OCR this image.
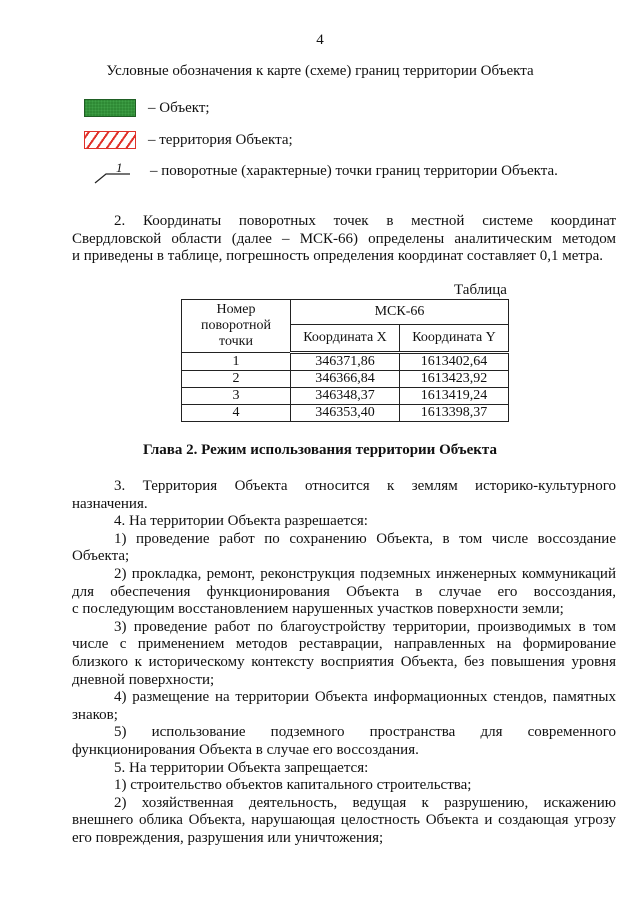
4
Условные обозначения к карте (схеме) границ территории Объекта
– Объект;
– территория Объекта;
1 – поворотные (характерные) точки границ территории Объекта.
2. Координаты поворотных точек в местной системе координат
Свердловской области (далее – МСК-66) определены аналитическим методом
и приведены в таблице, погрешность определения координат составляет 0,1 метра.
Таблица
Номер
поворотной
точки	МСК-66	
	Координата X	Координата Y
1	346371,86	1613402,64
2	346366,84	1613423,92
3	346348,37	1613419,24
4	346353,40	1613398,37
Глава 2. Режим использования территории Объекта
3. Территория Объекта относится к землям историко-культурного
назначения.
4. На территории Объекта разрешается:
1) проведение работ по сохранению Объекта, в том числе воссоздание
Объекта;
2) прокладка, ремонт, реконструкция подземных инженерных коммуникаций
для обеспечения функционирования Объекта в случае его воссоздания,
с последующим восстановлением нарушенных участков поверхности земли;
3) проведение работ по благоустройству территории, производимых в том
числе с применением методов реставрации, направленных на формирование
близкого к историческому контексту восприятия Объекта, без повышения уровня
дневной поверхности;
4) размещение на территории Объекта информационных стендов, памятных
знаков;
5) использование подземного пространства для современного
функционирования Объекта в случае его воссоздания.
5. На территории Объекта запрещается:
1) строительство объектов капитального строительства;
2) хозяйственная деятельность, ведущая к разрушению, искажению
внешнего облика Объекта, нарушающая целостность Объекта и создающая угрозу
его повреждения, разрушения или уничтожения;
